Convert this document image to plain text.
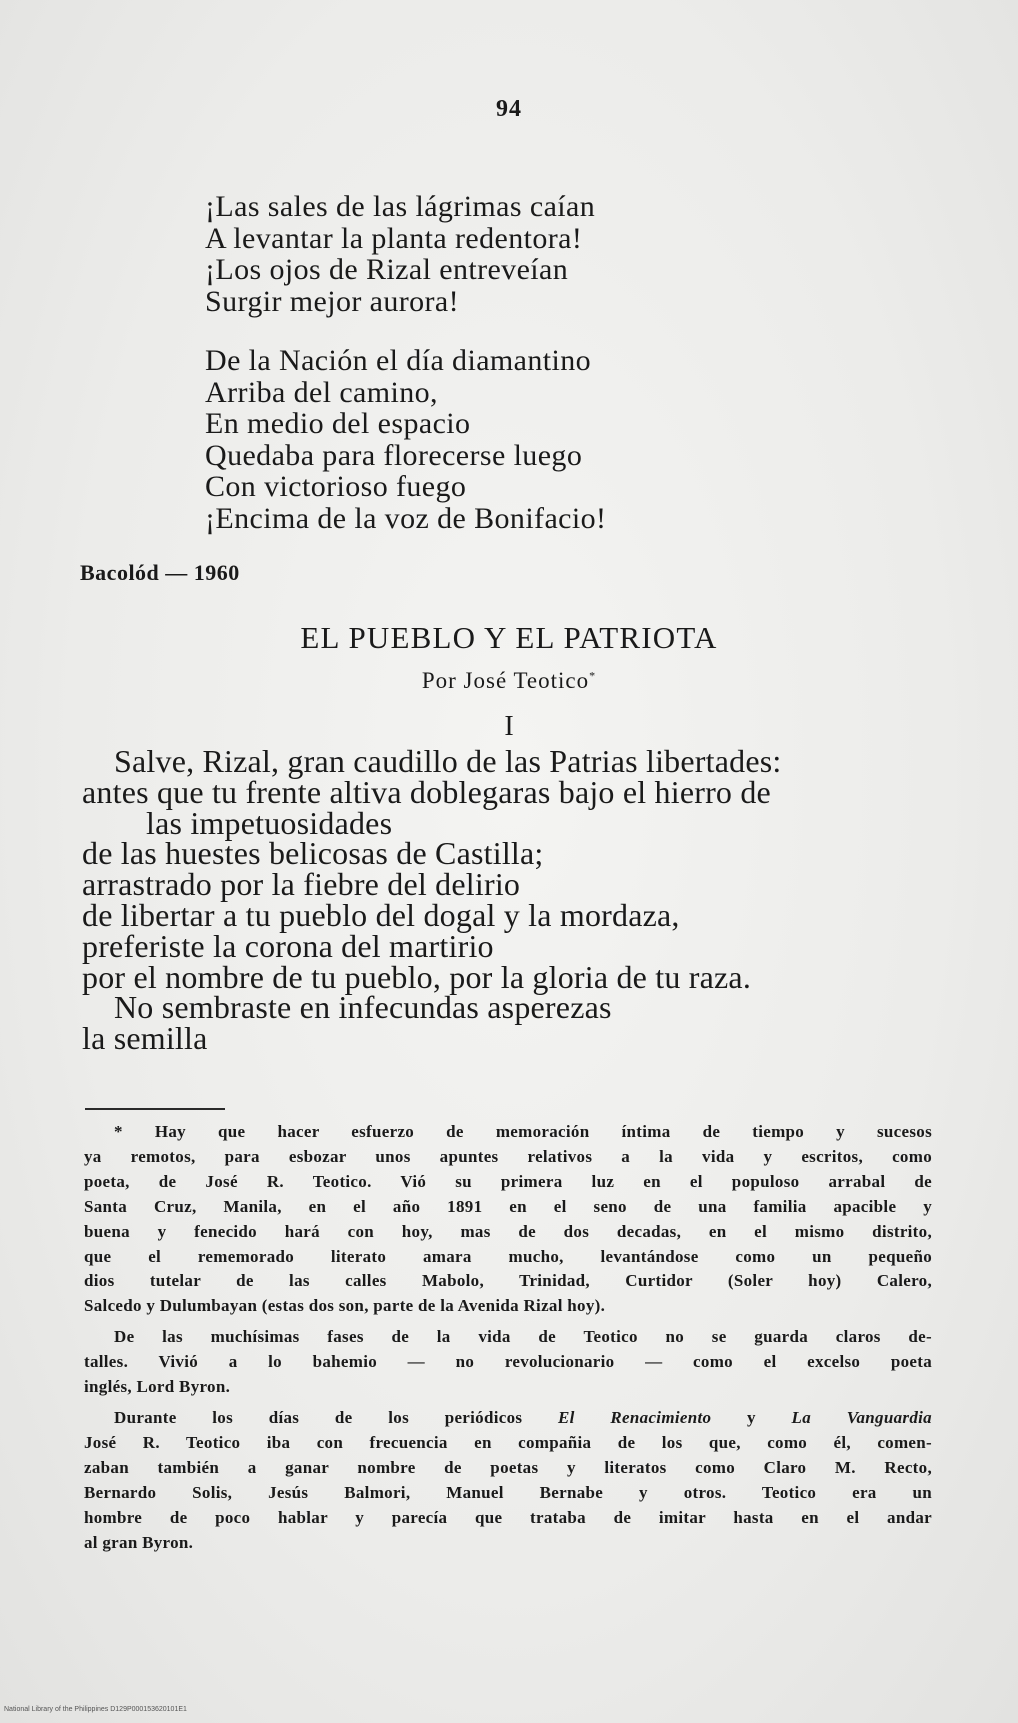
94
¡Las sales de las lágrimas caían
A levantar la planta redentora!
¡Los ojos de Rizal entreveían
Surgir mejor aurora!
De la Nación el día diamantino
Arriba del camino,
En medio del espacio
Quedaba para florecerse luego
Con victorioso fuego
¡Encima de la voz de Bonifacio!
Bacolód — 1960
EL PUEBLO Y EL PATRIOTA
Por José Teotico*
I
Salve, Rizal, gran caudillo de las Patrias libertades:
antes que tu frente altiva doblegaras bajo el hierro de
las impetuosidades
de las huestes belicosas de Castilla;
arrastrado por la fiebre del delirio
de libertar a tu pueblo del dogal y la mordaza,
preferiste la corona del martirio
por el nombre de tu pueblo, por la gloria de tu raza.
No sembraste en infecundas asperezas
la semilla
* Hay que hacer esfuerzo de memoración íntima de tiempo y sucesos
ya remotos, para esbozar unos apuntes relativos a la vida y escritos, como
poeta, de José R. Teotico. Vió su primera luz en el populoso arrabal de
Santa Cruz, Manila, en el año 1891 en el seno de una familia apacible y
buena y fenecido hará con hoy, mas de dos decadas, en el mismo distrito,
que el rememorado literato amara mucho, levantándose como un pequeño
dios tutelar de las calles Mabolo, Trinidad, Curtidor (Soler hoy) Calero,
Salcedo y Dulumbayan (estas dos son, parte de la Avenida Rizal hoy).
De las muchísimas fases de la vida de Teotico no se guarda claros de-
talles. Vivió a lo bahemio — no revolucionario — como el excelso poeta
inglés, Lord Byron.
Durante los días de los periódicos El Renacimiento y La Vanguardia
José R. Teotico iba con frecuencia en compañia de los que, como él, comen-
zaban también a ganar nombre de poetas y literatos como Claro M. Recto,
Bernardo Solis, Jesús Balmori, Manuel Bernabe y otros. Teotico era un
hombre de poco hablar y parecía que trataba de imitar hasta en el andar
al gran Byron.
National Library of the Philippines D129P000153620101E1
